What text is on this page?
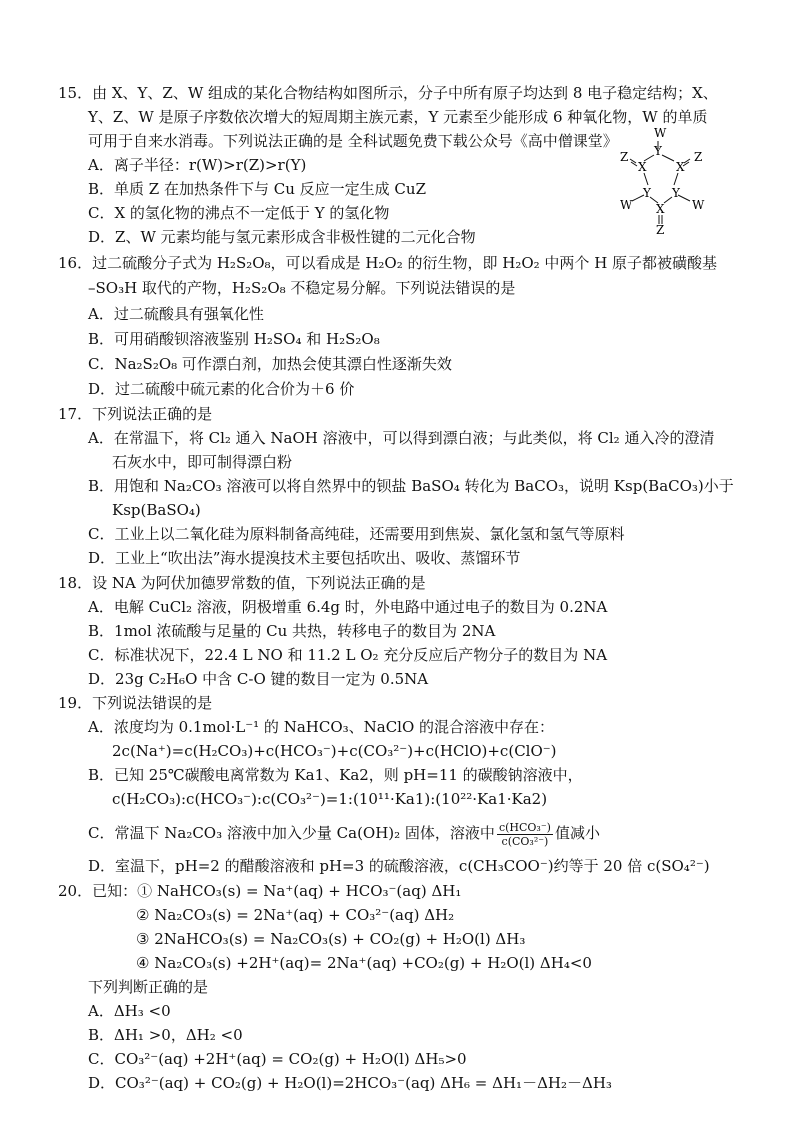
15．由 X、Y、Z、W 组成的某化合物结构如图所示，分子中所有原子均达到 8 电子稳定结构；X、
Y、Z、W 是原子序数依次增大的短周期主族元素，Y 元素至少能形成 6 种氧化物，W 的单质
可用于自来水消毒。下列说法正确的是 全科试题免费下载公众号《高中僧课堂》
A．离子半径：r(W)>r(Z)>r(Y)
B．单质 Z 在加热条件下与 Cu 反应一定生成 CuZ
C．X 的氢化物的沸点不一定低于 Y 的氢化物
D．Z、W 元素均能与氢元素形成含非极性键的二元化合物
W
Y
X X
Z	Z
Y Y
W	W
X
Z
16．过二硫酸分子式为 H₂S₂O₈，可以看成是 H₂O₂ 的衍生物，即 H₂O₂ 中两个 H 原子都被磺酸基
–SO₃H 取代的产物，H₂S₂O₈ 不稳定易分解。下列说法错误的是
A．过二硫酸具有强氧化性
B．可用硝酸钡溶液鉴别 H₂SO₄ 和 H₂S₂O₈
C．Na₂S₂O₈ 可作漂白剂，加热会使其漂白性逐渐失效
D．过二硫酸中硫元素的化合价为＋6 价
17．下列说法正确的是
A．在常温下，将 Cl₂ 通入 NaOH 溶液中，可以得到漂白液；与此类似，将 Cl₂ 通入冷的澄清
石灰水中，即可制得漂白粉
B．用饱和 Na₂CO₃ 溶液可以将自然界中的钡盐 BaSO₄ 转化为 BaCO₃，说明 Ksp(BaCO₃)小于
Ksp(BaSO₄)
C．工业上以二氧化硅为原料制备高纯硅，还需要用到焦炭、氯化氢和氢气等原料
D．工业上“吹出法”海水提溴技术主要包括吹出、吸收、蒸馏环节
18．设 NA 为阿伏加德罗常数的值，下列说法正确的是
A．电解 CuCl₂ 溶液，阴极增重 6.4g 时，外电路中通过电子的数目为 0.2NA
B．1mol 浓硫酸与足量的 Cu 共热，转移电子的数目为 2NA
C．标准状况下，22.4 L NO 和 11.2 L O₂ 充分反应后产物分子的数目为 NA
D．23g C₂H₆O 中含 C-O 键的数目一定为 0.5NA
19．下列说法错误的是
A．浓度均为 0.1mol·L⁻¹ 的 NaHCO₃、NaClO 的混合溶液中存在：
2c(Na⁺)=c(H₂CO₃)+c(HCO₃⁻)+c(CO₃²⁻)+c(HClO)+c(ClO⁻)
B．已知 25℃碳酸电离常数为 Ka1、Ka2，则 pH=11 的碳酸钠溶液中，
c(H₂CO₃):c(HCO₃⁻):c(CO₃²⁻)=1:(10¹¹·Ka1):(10²²·Ka1·Ka2)
C．常温下 Na₂CO₃ 溶液中加入少量 Ca(OH)₂ 固体，溶液中 $\frac{\text{c(HCO₃⁻)}}{\text{c(CO₃²⁻)}}$ 值减小
D．室温下，pH=2 的醋酸溶液和 pH=3 的硫酸溶液，c(CH₃COO⁻)约等于 20 倍 c(SO₄²⁻)
20．已知：① NaHCO₃(s) = Na⁺(aq) + HCO₃⁻(aq) ΔH₁
② Na₂CO₃(s) = 2Na⁺(aq) + CO₃²⁻(aq) ΔH₂
③ 2NaHCO₃(s) = Na₂CO₃(s) + CO₂(g) + H₂O(l) ΔH₃
④ Na₂CO₃(s) +2H⁺(aq)= 2Na⁺(aq) +CO₂(g) + H₂O(l) ΔH₄<0
下列判断正确的是
A．ΔH₃ <0
B．ΔH₁ >0，ΔH₂ <0
C．CO₃²⁻(aq) +2H⁺(aq) = CO₂(g) + H₂O(l) ΔH₅>0
D．CO₃²⁻(aq) + CO₂(g) + H₂O(l)=2HCO₃⁻(aq) ΔH₆ = ΔH₁－ΔH₂－ΔH₃
